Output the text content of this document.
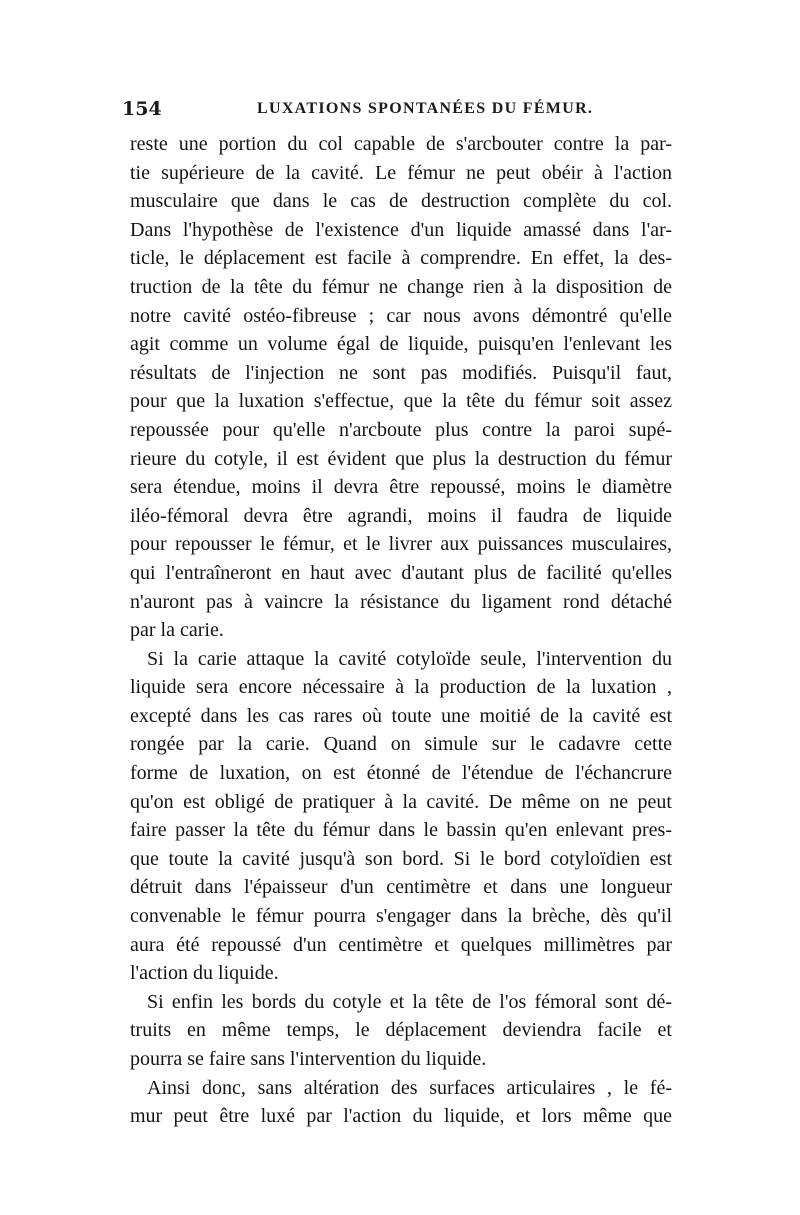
154	LUXATIONS SPONTANÉES DU FÉMUR.
reste une portion du col capable de s'arcbouter contre la par-
tie supérieure de la cavité. Le fémur ne peut obéir à l'action
musculaire que dans le cas de destruction complète du col.
Dans l'hypothèse de l'existence d'un liquide amassé dans l'ar-
ticle, le déplacement est facile à comprendre. En effet, la des-
truction de la tête du fémur ne change rien à la disposition de
notre cavité ostéo-fibreuse ; car nous avons démontré qu'elle
agit comme un volume égal de liquide, puisqu'en l'enlevant les
résultats de l'injection ne sont pas modifiés. Puisqu'il faut,
pour que la luxation s'effectue, que la tête du fémur soit assez
repoussée pour qu'elle n'arcboute plus contre la paroi supé-
rieure du cotyle, il est évident que plus la destruction du fémur
sera étendue, moins il devra être repoussé, moins le diamètre
iléo-fémoral devra être agrandi, moins il faudra de liquide
pour repousser le fémur, et le livrer aux puissances musculaires,
qui l'entraîneront en haut avec d'autant plus de facilité qu'elles
n'auront pas à vaincre la résistance du ligament rond détaché
par la carie.
Si la carie attaque la cavité cotyloïde seule, l'intervention du
liquide sera encore nécessaire à la production de la luxation ,
excepté dans les cas rares où toute une moitié de la cavité est
rongée par la carie. Quand on simule sur le cadavre cette
forme de luxation, on est étonné de l'étendue de l'échancrure
qu'on est obligé de pratiquer à la cavité. De même on ne peut
faire passer la tête du fémur dans le bassin qu'en enlevant pres-
que toute la cavité jusqu'à son bord. Si le bord cotyloïdien est
détruit dans l'épaisseur d'un centimètre et dans une longueur
convenable le fémur pourra s'engager dans la brèche, dès qu'il
aura été repoussé d'un centimètre et quelques millimètres par
l'action du liquide.
Si enfin les bords du cotyle et la tête de l'os fémoral sont dé-
truits en même temps, le déplacement deviendra facile et
pourra se faire sans l'intervention du liquide.
Ainsi donc, sans altération des surfaces articulaires , le fé-
mur peut être luxé par l'action du liquide, et lors même que
